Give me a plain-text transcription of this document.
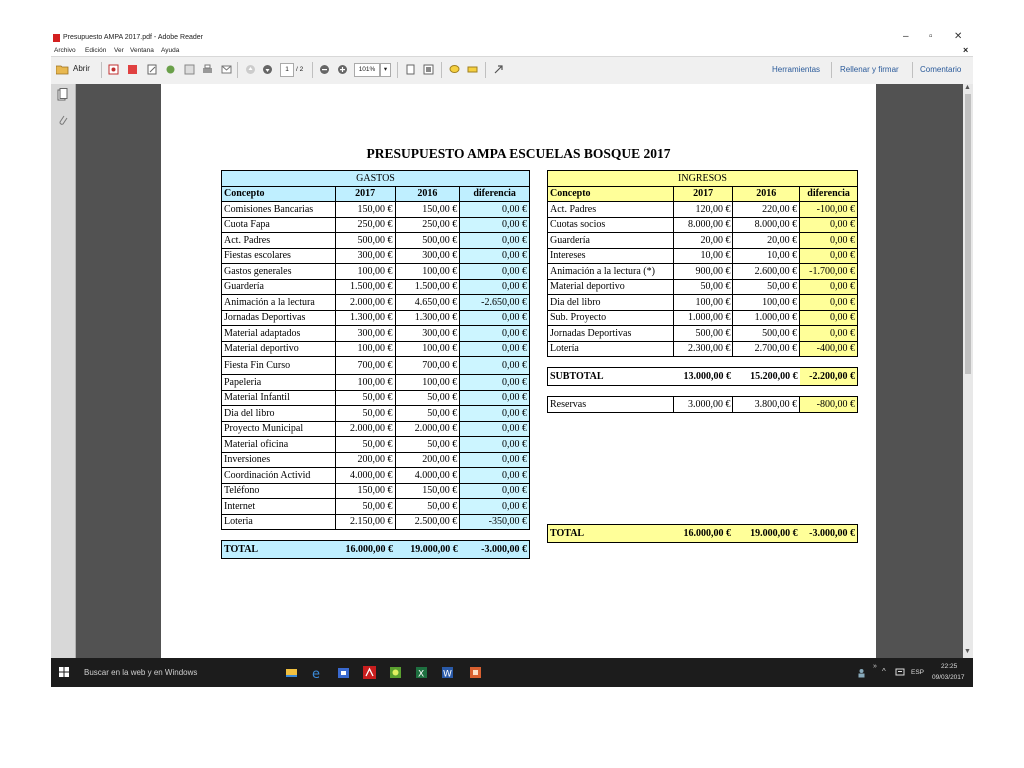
Presupuesto AMPA 2017.pdf - Adobe Reader	– ▫ ✕
Archivo Edición Ver Ventana Ayuda	×
Abrir	1	/ 2	101%	▾	Herramientas Rellenar y firmar	Comentario
PRESUPUESTO AMPA ESCUELAS BOSQUE 2017
GASTOS			
Concepto	2017	2016	diferencia
Comisiones Bancarias	150,00 €	150,00 €	0,00 €
Cuota Fapa	250,00 €	250,00 €	0,00 €
Act. Padres	500,00 €	500,00 €	0,00 €
Fiestas escolares	300,00 €	300,00 €	0,00 €
Gastos generales	100,00 €	100,00 €	0,00 €
Guardería	1.500,00 €	1.500,00 €	0,00 €
Animación a la lectura	2.000,00 €	4.650,00 €	-2.650,00 €
Jornadas Deportivas	1.300,00 €	1.300,00 €	0,00 €
Material adaptados	300,00 €	300,00 €	0,00 €
Material deportivo	100,00 €	100,00 €	0,00 €
Fiesta Fin Curso	700,00 €	700,00 €	0,00 €
Papeleria	100,00 €	100,00 €	0,00 €
Material Infantil	50,00 €	50,00 €	0,00 €
Dia del libro	50,00 €	50,00 €	0,00 €
Proyecto Municipal	2.000,00 €	2.000,00 €	0,00 €
Material oficina	50,00 €	50,00 €	0,00 €
Inversiones	200,00 €	200,00 €	0,00 €
Coordinación Activid	4.000,00 €	4.000,00 €	0,00 €
Teléfono	150,00 €	150,00 €	0,00 €
Internet	50,00 €	50,00 €	0,00 €
Loteria	2.150,00 €	2.500,00 €	-350,00 €

TOTAL	16.000,00 €	19.000,00 €	-3.000,00 €
INGRESOS			
Concepto	2017	2016	diferencia
Act. Padres	120,00 €	220,00 €	-100,00 €
Cuotas socios	8.000,00 €	8.000,00 €	0,00 €
Guardería	20,00 €	20,00 €	0,00 €
Intereses	10,00 €	10,00 €	0,00 €
Animación a la lectura (*)	900,00 €	2.600,00 €	-1.700,00 €
Material deportivo	50,00 €	50,00 €	0,00 €
Dia del libro	100,00 €	100,00 €	0,00 €
Sub. Proyecto	1.000,00 €	1.000,00 €	0,00 €
Jornadas Deportivas	500,00 €	500,00 €	0,00 €
Lotería	2.300,00 €	2.700,00 €	-400,00 €

SUBTOTAL	13.000,00 €	15.200,00 €	-2.200,00 €

Reservas	3.000,00 €	3.800,00 €	-800,00 €

TOTAL	16.000,00 €	19.000,00 €	-3.000,00 €
▲
▼
Buscar en la web y en Windows	e	X W
»
^	ESP
22:25
09/03/2017
